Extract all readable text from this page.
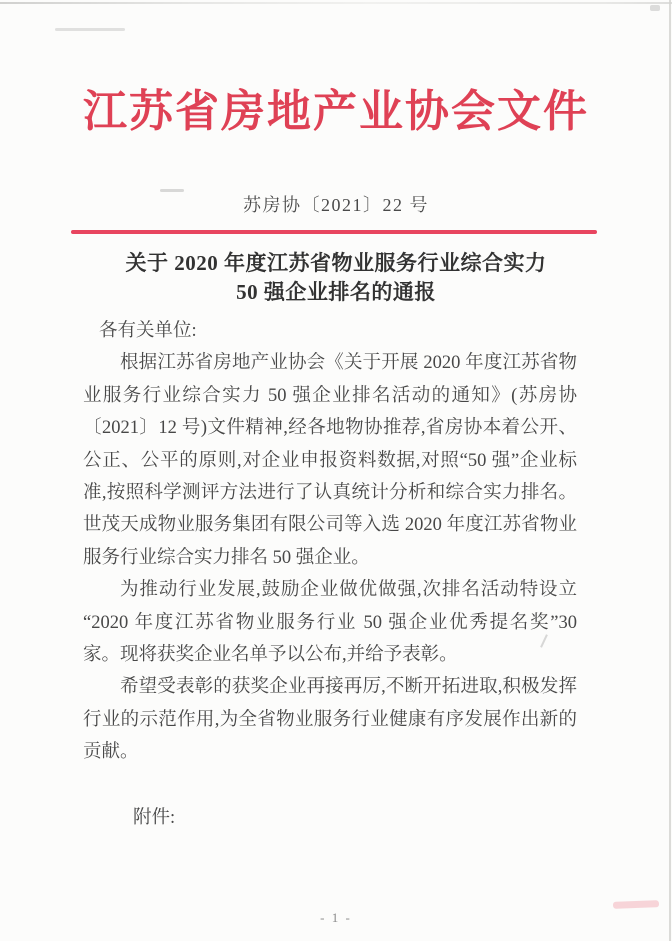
江苏省房地产业协会文件
苏房协〔2021〕22 号
关于 2020 年度江苏省物业服务行业综合实力
50 强企业排名的通报

各有关单位:

根据江苏省房地产业协会《关于开展 2020 年度江苏省物业服务行业综合实力 50 强企业排名活动的通知》(苏房协〔2021〕12 号)文件精神,经各地物协推荐,省房协本着公开、公正、公平的原则,对企业申报资料数据,对照“50 强”企业标准,按照科学测评方法进行了认真统计分析和综合实力排名。世茂天成物业服务集团有限公司等入选 2020 年度江苏省物业服务行业综合实力排名 50 强企业。

为推动行业发展,鼓励企业做优做强,次排名活动特设立“2020 年度江苏省物业服务行业 50 强企业优秀提名奖”30 家。现将获奖企业名单予以公布,并给予表彰。

希望受表彰的获奖企业再接再厉,不断开拓进取,积极发挥行业的示范作用,为全省物业服务行业健康有序发展作出新的贡献。

附件:

- 1 -
